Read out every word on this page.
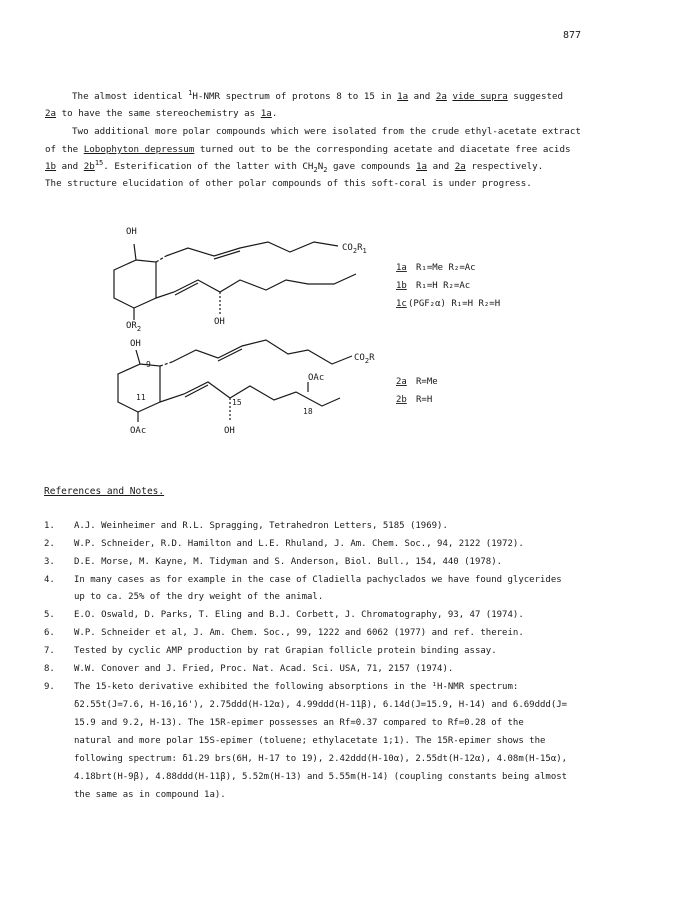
877
The almost identical $^1$H-NMR spectrum of protons 8 to 15 in 1a and 2a vide supra suggested
2a to have the same stereochemistry as 1a.
Two additional more polar compounds which were isolated from the crude ethyl-acetate extract
of the Lobophyton depressum turned out to be the corresponding acetate and diacetate free acids
1b and $2b^{15}$. Esterification of the latter with $CH_2N_2$ gave compounds 1a and 2a respectively.
The structure elucidation of other polar compounds of this soft-coral is under progress.
OH
$CO_2R_1$
$OR_2$
OH
OH
9
11
15
18
OAc
$CO_2R$
OAc	OH
1a R₁=Me R₂=Ac
1b R₁=H R₂=Ac
1c (PGF₂α) R₁=H R₂=H
2a R=Me
2b R=H
References and Notes.
1. A.J. Weinheimer and R.L. Spragging, Tetrahedron Letters, 5185 (1969).
2. W.P. Schneider, R.D. Hamilton and L.E. Rhuland, J. Am. Chem. Soc., 94, 2122 (1972).
3. D.E. Morse, M. Kayne, M. Tidyman and S. Anderson, Biol. Bull., 154, 440 (1978).
4. In many cases as for example in the case of Cladiella pachyclados we have found glycerides
up to ca. 25% of the dry weight of the animal.
5. E.O. Oswald, D. Parks, T. Eling and B.J. Corbett, J. Chromatography, 93, 47 (1974).
6. W.P. Schneider et al, J. Am. Chem. Soc., 99, 1222 and 6062 (1977) and ref. therein.
7. Tested by cyclic AMP production by rat Grapian follicle protein binding assay.
8. W.W. Conover and J. Fried, Proc. Nat. Acad. Sci. USA, 71, 2157 (1974).
9. The 15-keto derivative exhibited the following absorptions in the ¹H-NMR spectrum:
δ2.55t(J=7.6, H-16,16'), 2.75ddd(H-12α), 4.99ddd(H-11β), 6.14d(J=15.9, H-14) and 6.69ddd(J=
15.9 and 9.2, H-13). The 15R-epimer possesses an Rf=0.37 compared to Rf=0.28 of the
natural and more polar 15S-epimer (toluene; ethylacetate 1;1). The 15R-epimer shows the
following spectrum: δ1.29 brs(6H, H-17 to 19), 2.42ddd(H-10α), 2.55dt(H-12α), 4.08m(H-15α),
4.18brt(H-9β), 4.88ddd(H-11β), 5.52m(H-13) and 5.55m(H-14) (coupling constants being almost
the same as in compound 1a).
